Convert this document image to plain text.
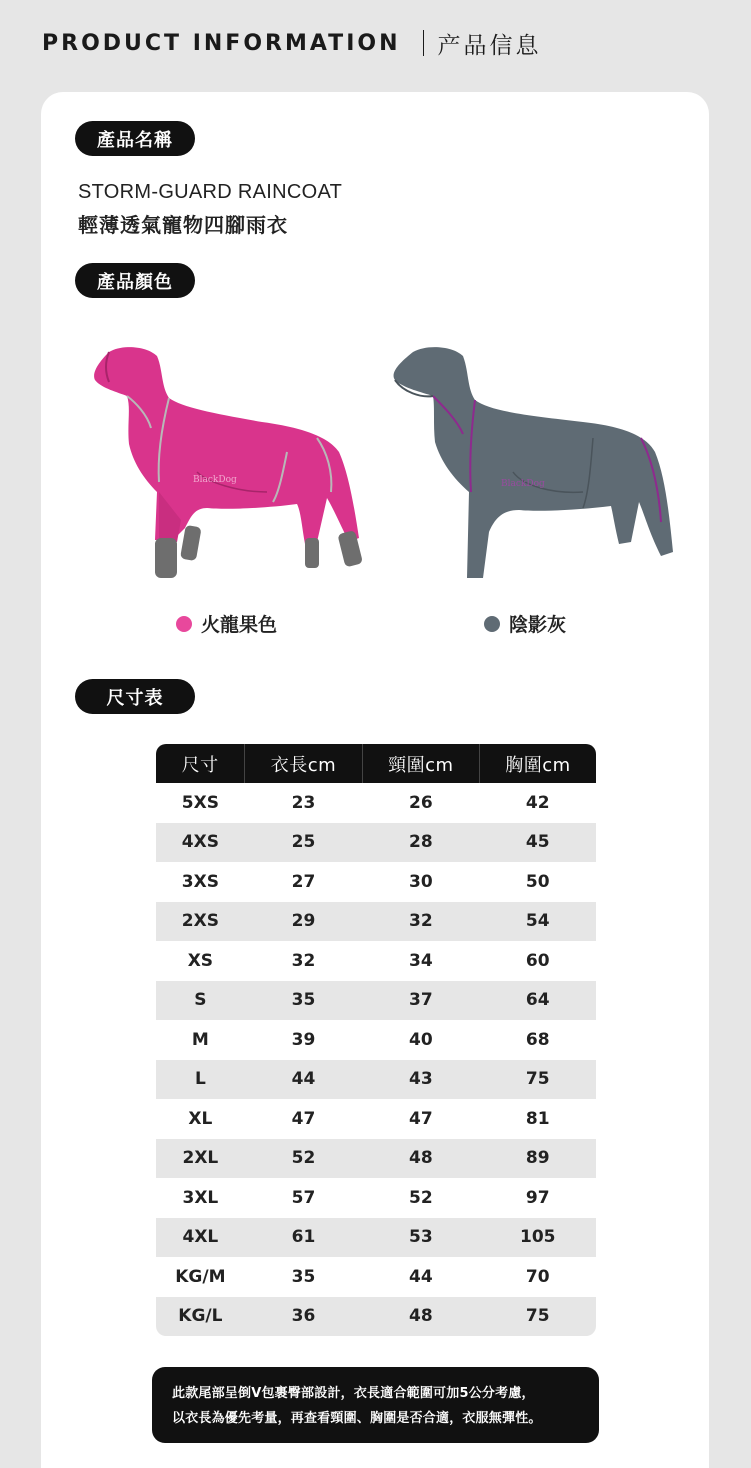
PRODUCT INFORMATION 产品信息
產品名稱
STORM-GUARD RAINCOAT
輕薄透氣寵物四腳雨衣
產品顏色
BlackDog	BlackDog
火龍果色	陰影灰
尺寸表
尺寸	衣長cm	頸圍cm	胸圍cm
5XS	23	26	42
4XS	25	28	45
3XS	27	30	50
2XS	29	32	54
XS	32	34	60
S	35	37	64
M	39	40	68
L	44	43	75
XL	47	47	81
2XL	52	48	89
3XL	57	52	97
4XL	61	53	105
KG/M	35	44	70
KG/L	36	48	75
此款尾部呈倒V包裹臀部設計，衣長適合範圍可加5公分考慮，
以衣長為優先考量，再查看頸圍、胸圍是否合適，衣服無彈性。
